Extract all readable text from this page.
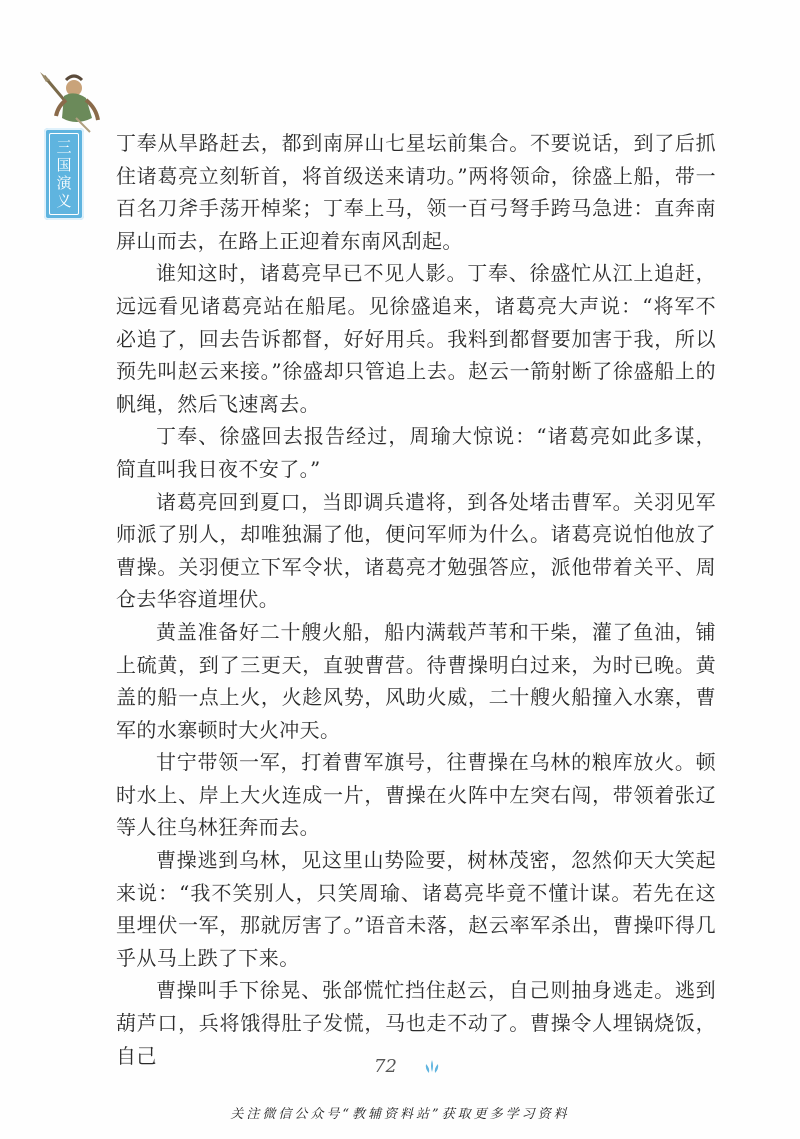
三国演义

丁奉从旱路赶去，都到南屏山七星坛前集合。不要说话，到了后抓住诸葛亮立刻斩首，将首级送来请功。”两将领命，徐盛上船，带一百名刀斧手荡开棹桨；丁奉上马，领一百弓弩手跨马急进：直奔南屏山而去，在路上正迎着东南风刮起。

谁知这时，诸葛亮早已不见人影。丁奉、徐盛忙从江上追赶，远远看见诸葛亮站在船尾。见徐盛追来，诸葛亮大声说：“将军不必追了，回去告诉都督，好好用兵。我料到都督要加害于我，所以预先叫赵云来接。”徐盛却只管追上去。赵云一箭射断了徐盛船上的帆绳，然后飞速离去。

丁奉、徐盛回去报告经过，周瑜大惊说：“诸葛亮如此多谋，简直叫我日夜不安了。”

诸葛亮回到夏口，当即调兵遣将，到各处堵击曹军。关羽见军师派了别人，却唯独漏了他，便问军师为什么。诸葛亮说怕他放了曹操。关羽便立下军令状，诸葛亮才勉强答应，派他带着关平、周仓去华容道埋伏。

黄盖准备好二十艘火船，船内满载芦苇和干柴，灌了鱼油，铺上硫黄，到了三更天，直驶曹营。待曹操明白过来，为时已晚。黄盖的船一点上火，火趁风势，风助火威，二十艘火船撞入水寨，曹军的水寨顿时大火冲天。

甘宁带领一军，打着曹军旗号，往曹操在乌林的粮库放火。顿时水上、岸上大火连成一片，曹操在火阵中左突右闯，带领着张辽等人往乌林狂奔而去。

曹操逃到乌林，见这里山势险要，树林茂密，忽然仰天大笑起来说：“我不笑别人，只笑周瑜、诸葛亮毕竟不懂计谋。若先在这里埋伏一军，那就厉害了。”语音未落，赵云率军杀出，曹操吓得几乎从马上跌了下来。

曹操叫手下徐晃、张郃慌忙挡住赵云，自己则抽身逃走。逃到葫芦口，兵将饿得肚子发慌，马也走不动了。曹操令人埋锅烧饭，自己	72
关注微信公众号“教辅资料站”获取更多学习资料
